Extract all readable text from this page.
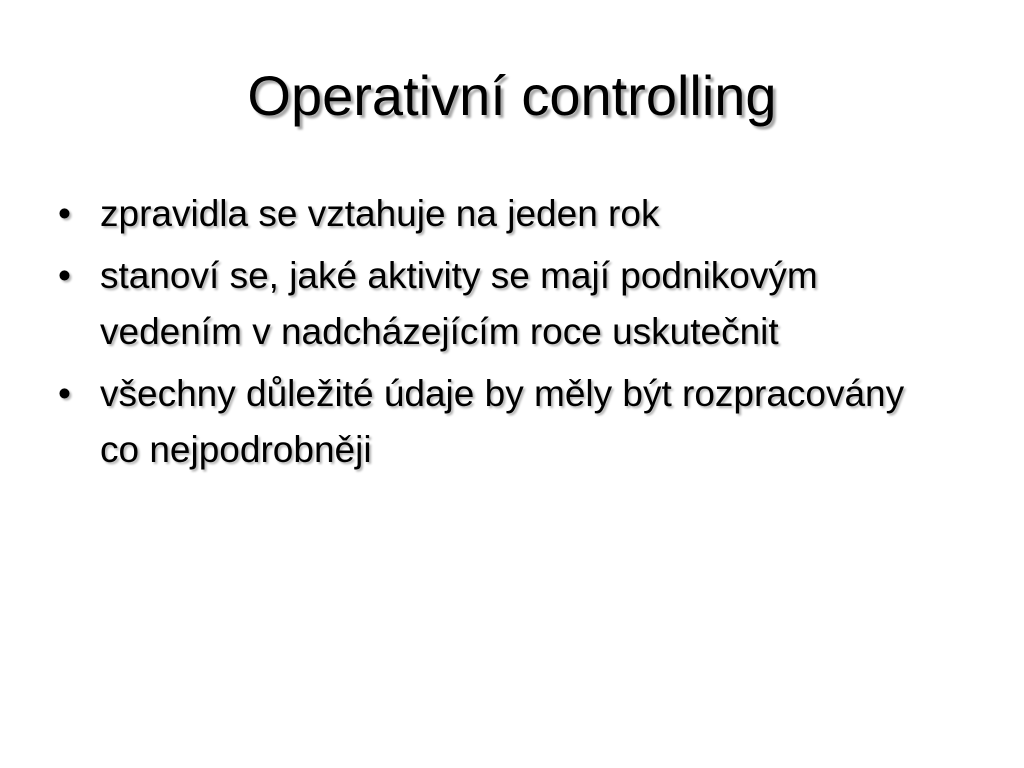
Operativní controlling
• zpravidla se vztahuje na jeden rok
• stanoví se, jaké aktivity se mají podnikovým vedením v nadcházejícím roce uskutečnit
• všechny důležité údaje by měly být rozpracovány co nejpodrobněji
